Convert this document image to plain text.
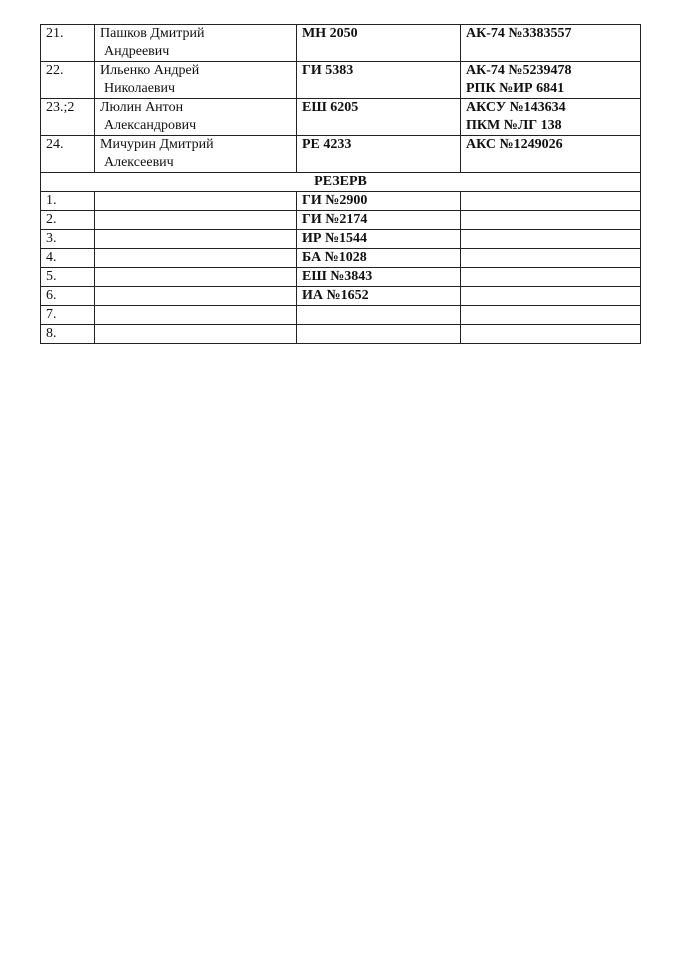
21.	Пашков Дмитрий
Андреевич	МН 2050	АК-74 №3383557

22.	Ильенко Андрей
Николаевич	ГИ 5383	АК-74 №5239478
РПК №ИР 6841

23.;2	Люлин Антон
Александрович	ЕШ 6205	АКСУ №143634
ПКМ №ЛГ 138

24.	Мичурин Дмитрий
Алексеевич	РЕ 4233	АКС №1249026

РЕЗЕРВ			
1.		ГИ №2900	
2.		ГИ №2174	
3.		ИР №1544	
4.		БА №1028	
5.		ЕШ №3843	
6.		ИА №1652	
7.			
8.			
